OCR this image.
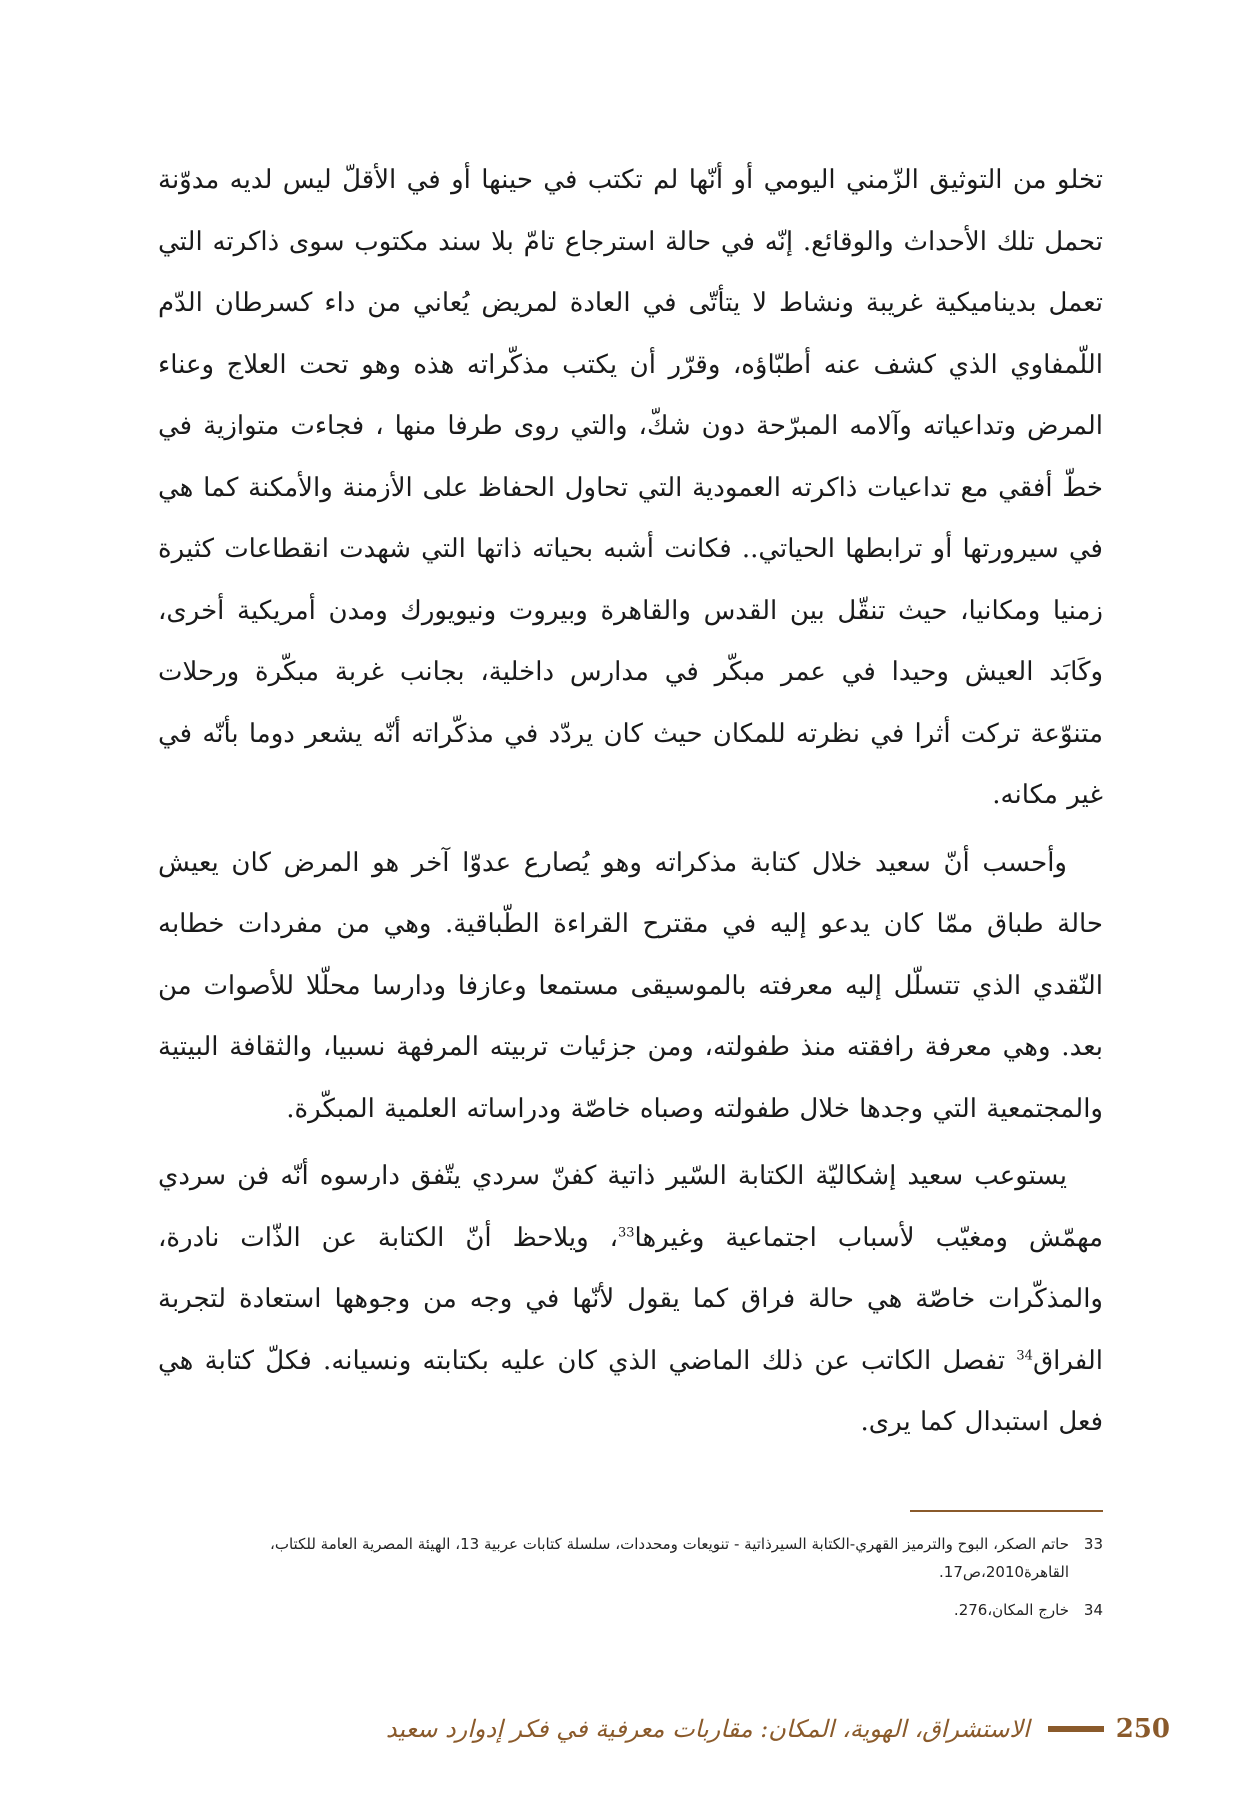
تخلو من التوثيق الزّمني اليومي أو أنّها لم تكتب في حينها أو في الأقلّ ليس لديه مدوّنة تحمل تلك الأحداث والوقائع. إنّه في حالة استرجاع تامّ بلا سند مكتوب سوى ذاكرته التي تعمل بديناميكية غريبة ونشاط لا يتأتّى في العادة لمريض يُعاني من داء كسرطان الدّم اللّمفاوي الذي كشف عنه أطبّاؤه، وقرّر أن يكتب مذكّراته هذه وهو تحت العلاج وعناء المرض وتداعياته وآلامه المبرّحة دون شكّ، والتي روى طرفا منها ، فجاءت متوازية في خطّ أفقي مع تداعيات ذاكرته العمودية التي تحاول الحفاظ على الأزمنة والأمكنة كما هي في سيرورتها أو ترابطها الحياتي.. فكانت أشبه بحياته ذاتها التي شهدت انقطاعات كثيرة زمنيا ومكانيا، حيث تنقّل بين القدس والقاهرة وبيروت ونيويورك ومدن أمريكية أخرى، وكَابَد العيش وحيدا في عمر مبكّر في مدارس داخلية، بجانب غربة مبكّرة ورحلات متنوّعة تركت أثرا في نظرته للمكان حيث كان يردّد في مذكّراته أنّه يشعر دوما بأنّه في غير مكانه.

وأحسب أنّ سعيد خلال كتابة مذكراته وهو يُصارع عدوّا آخر هو المرض كان يعيش حالة طباق ممّا كان يدعو إليه في مقترح القراءة الطّباقية. وهي من مفردات خطابه النّقدي الذي تتسلّل إليه معرفته بالموسيقى مستمعا وعازفا ودارسا محلّلا للأصوات من بعد. وهي معرفة رافقته منذ طفولته، ومن جزئيات تربيته المرفهة نسبيا، والثقافة البيتية والمجتمعية التي وجدها خلال طفولته وصباه خاصّة ودراساته العلمية المبكّرة.

يستوعب سعيد إشكاليّة الكتابة السّير ذاتية كفنّ سردي يتّفق دارسوه أنّه فن سردي مهمّش ومغيّب لأسباب اجتماعية وغيرها$^{33}$، ويلاحظ أنّ الكتابة عن الذّات نادرة، والمذكّرات خاصّة هي حالة فراق كما يقول لأنّها في وجه من وجوهها استعادة لتجربة الفراق$^{34}$ تفصل الكاتب عن ذلك الماضي الذي كان عليه بكتابته ونسيانه. فكلّ كتابة هي فعل استبدال كما يرى.

33
حاتم الصكر، البوح والترميز القهري-الكتابة السيرذاتية - تنويعات ومحددات، سلسلة كتابات عربية 13، الهيئة المصرية العامة للكتاب، القاهرة2010،ص17.
34
خارج المكان،276.
الاستشراق، الهوية، المكان: مقاربات معرفية في فكر إدوارد سعيد	250
